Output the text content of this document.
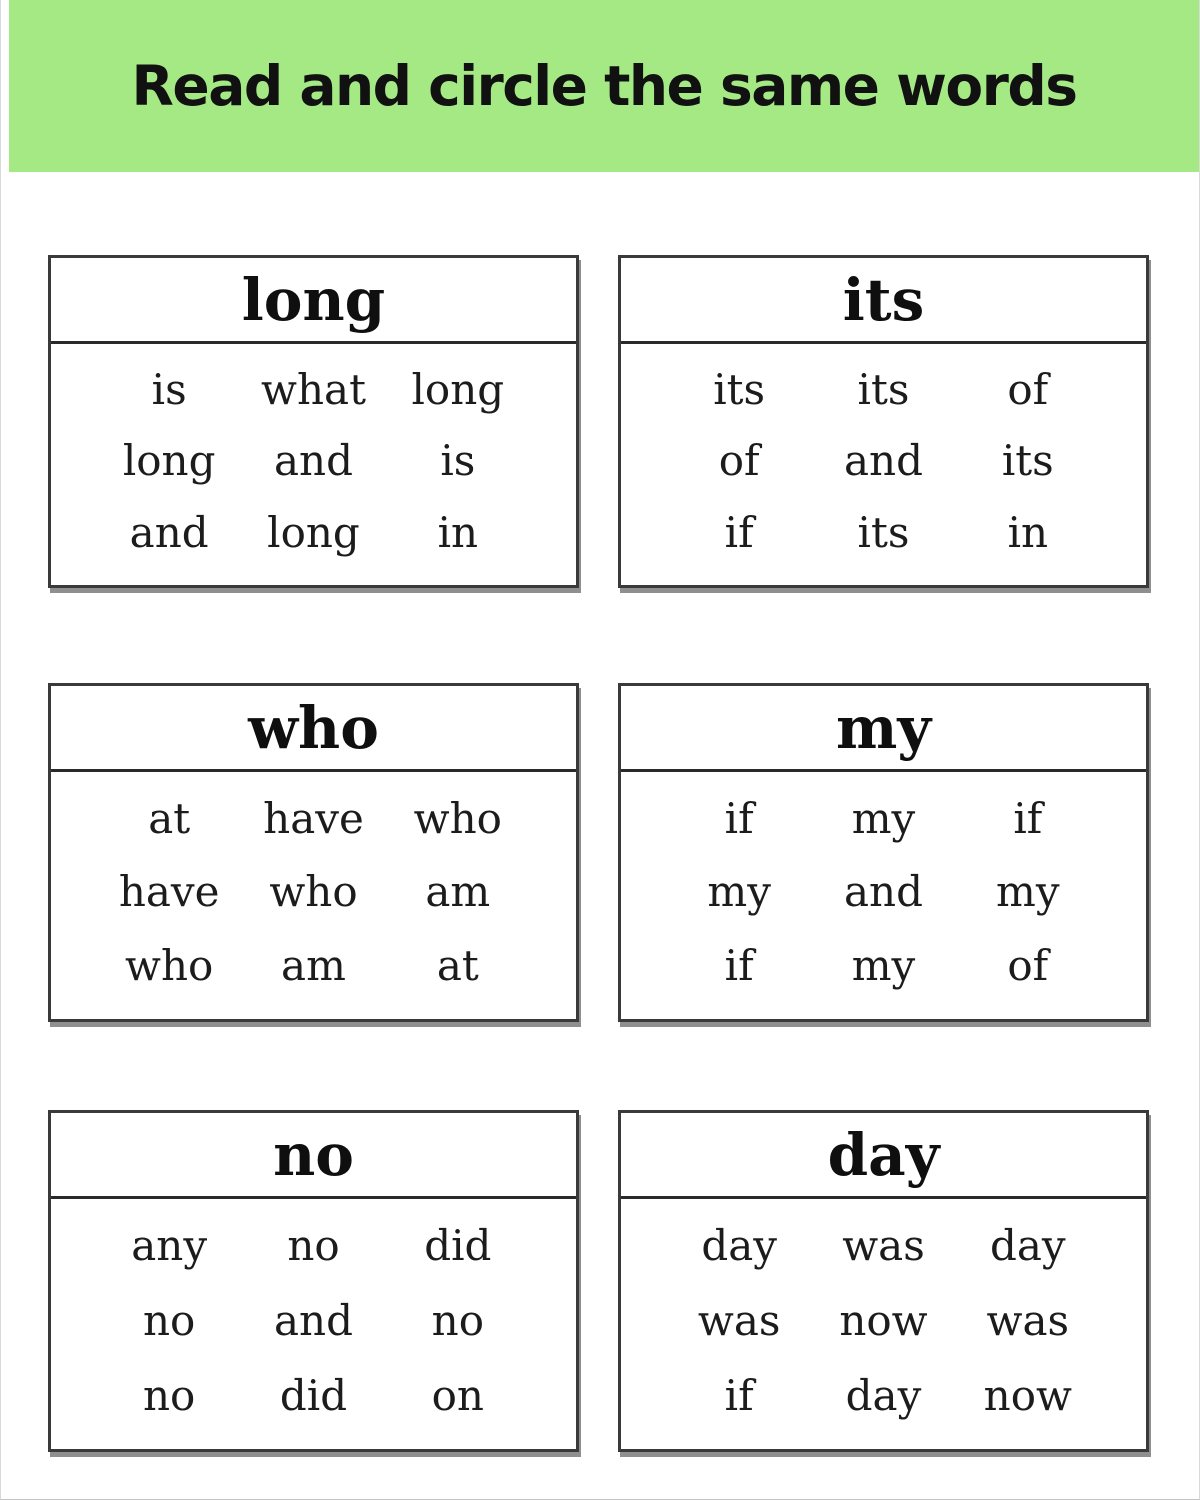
Read and circle the same words
long
is what long
long and is
and long in
its
its its of
of and its
if its in
who
at have who
have who am
who am at
my
if my if
my and my
if my of
no
any no did
no and no
no did on
day
day was day
was now was
if day now
